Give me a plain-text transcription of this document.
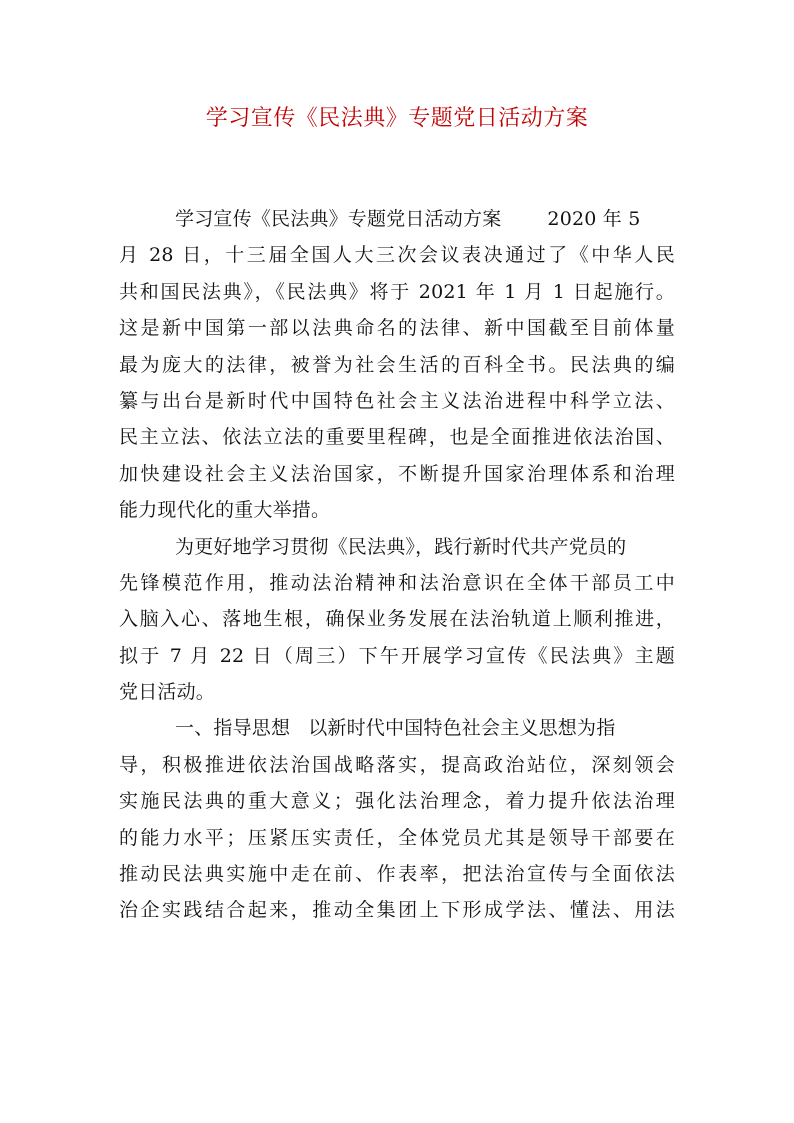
学习宣传《民法典》专题党日活动方案
学习宣传《民法典》专题党日活动方案 2020 年 5
月 28 日，十三届全国人大三次会议表决通过了《中华人民
共和国民法典》，《民法典》将于 2021 年 1 月 1 日起施行。
这是新中国第一部以法典命名的法律、新中国截至目前体量
最为庞大的法律，被誉为社会生活的百科全书。民法典的编
纂与出台是新时代中国特色社会主义法治进程中科学立法、
民主立法、依法立法的重要里程碑，也是全面推进依法治国、
加快建设社会主义法治国家，不断提升国家治理体系和治理
能力现代化的重大举措。
为更好地学习贯彻《民法典》，践行新时代共产党员的
先锋模范作用，推动法治精神和法治意识在全体干部员工中
入脑入心、落地生根，确保业务发展在法治轨道上顺利推进，
拟于 7 月 22 日（周三）下午开展学习宣传《民法典》主题
党日活动。
一、指导思想 以新时代中国特色社会主义思想为指
导，积极推进依法治国战略落实，提高政治站位，深刻领会
实施民法典的重大意义；强化法治理念，着力提升依法治理
的能力水平；压紧压实责任，全体党员尤其是领导干部要在
推动民法典实施中走在前、作表率，把法治宣传与全面依法
治企实践结合起来，推动全集团上下形成学法、懂法、用法
